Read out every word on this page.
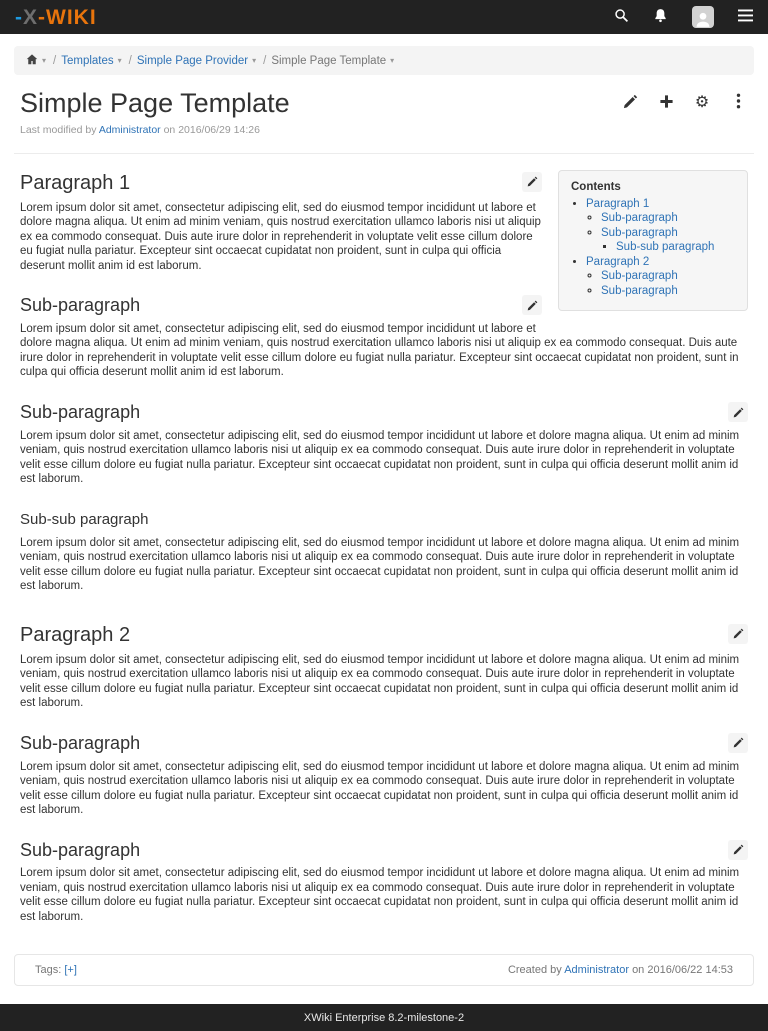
- X - WIKI
▾ / Templates ▾ / Simple Page Provider ▾ / Simple Page Template ▾
Simple Page Template	⚙
Last modified by Administrator on 2016/06/29 14:26

Contents

• Paragraph 1
◦ Sub-paragraph
◦ Sub-paragraph
▪ Sub-sub paragraph
• Paragraph 2
◦ Sub-paragraph
◦ Sub-paragraph
Paragraph 1

Lorem ipsum dolor sit amet, consectetur adipiscing elit, sed do eiusmod tempor incididunt ut labore et dolore magna aliqua. Ut enim ad minim veniam, quis nostrud exercitation ullamco laboris nisi ut aliquip ex ea commodo consequat. Duis aute irure dolor in reprehenderit in voluptate velit esse cillum dolore eu fugiat nulla pariatur. Excepteur sint occaecat cupidatat non proident, sunt in culpa qui officia deserunt mollit anim id est laborum.

Sub-paragraph

Lorem ipsum dolor sit amet, consectetur adipiscing elit, sed do eiusmod tempor incididunt ut labore et dolore magna aliqua. Ut enim ad minim veniam, quis nostrud exercitation ullamco laboris nisi ut aliquip ex ea commodo consequat. Duis aute irure dolor in reprehenderit in voluptate velit esse cillum dolore eu fugiat nulla pariatur. Excepteur sint occaecat cupidatat non proident, sunt in culpa qui officia deserunt mollit anim id est laborum.

Sub-paragraph

Lorem ipsum dolor sit amet, consectetur adipiscing elit, sed do eiusmod tempor incididunt ut labore et dolore magna aliqua. Ut enim ad minim veniam, quis nostrud exercitation ullamco laboris nisi ut aliquip ex ea commodo consequat. Duis aute irure dolor in reprehenderit in voluptate velit esse cillum dolore eu fugiat nulla pariatur. Excepteur sint occaecat cupidatat non proident, sunt in culpa qui officia deserunt mollit anim id est laborum.

Sub-sub paragraph

Lorem ipsum dolor sit amet, consectetur adipiscing elit, sed do eiusmod tempor incididunt ut labore et dolore magna aliqua. Ut enim ad minim veniam, quis nostrud exercitation ullamco laboris nisi ut aliquip ex ea commodo consequat. Duis aute irure dolor in reprehenderit in voluptate velit esse cillum dolore eu fugiat nulla pariatur. Excepteur sint occaecat cupidatat non proident, sunt in culpa qui officia deserunt mollit anim id est laborum.

Paragraph 2

Lorem ipsum dolor sit amet, consectetur adipiscing elit, sed do eiusmod tempor incididunt ut labore et dolore magna aliqua. Ut enim ad minim veniam, quis nostrud exercitation ullamco laboris nisi ut aliquip ex ea commodo consequat. Duis aute irure dolor in reprehenderit in voluptate velit esse cillum dolore eu fugiat nulla pariatur. Excepteur sint occaecat cupidatat non proident, sunt in culpa qui officia deserunt mollit anim id est laborum.

Sub-paragraph

Lorem ipsum dolor sit amet, consectetur adipiscing elit, sed do eiusmod tempor incididunt ut labore et dolore magna aliqua. Ut enim ad minim veniam, quis nostrud exercitation ullamco laboris nisi ut aliquip ex ea commodo consequat. Duis aute irure dolor in reprehenderit in voluptate velit esse cillum dolore eu fugiat nulla pariatur. Excepteur sint occaecat cupidatat non proident, sunt in culpa qui officia deserunt mollit anim id est laborum.

Sub-paragraph

Lorem ipsum dolor sit amet, consectetur adipiscing elit, sed do eiusmod tempor incididunt ut labore et dolore magna aliqua. Ut enim ad minim veniam, quis nostrud exercitation ullamco laboris nisi ut aliquip ex ea commodo consequat. Duis aute irure dolor in reprehenderit in voluptate velit esse cillum dolore eu fugiat nulla pariatur. Excepteur sint occaecat cupidatat non proident, sunt in culpa qui officia deserunt mollit anim id est laborum.

Tags: [+]	Created by Administrator on 2016/06/22 14:53
XWiki Enterprise 8.2-milestone-2
